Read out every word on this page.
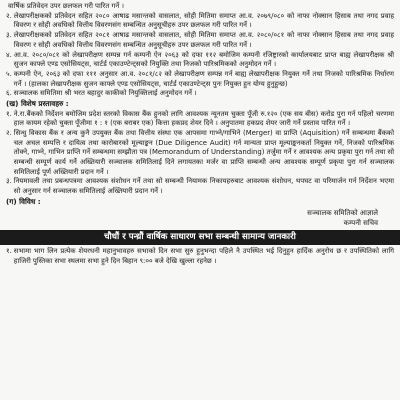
वार्षिक प्रतिवेदन उपर छलफल गरी पारित गर्ने ।
२. लेखापरीक्षकको प्रतिवेदन सहित २०८० आषाढ मसान्तको वासलात, सोही मितिमा समाप्त आ.व. २०७९/०८० को नाफा नोक्सान हिसाब तथा नगद प्रवाह विवरण र सोही अवधिको वित्तीय विवरणसंग सम्बन्धित अनुसूचीहरु उपर छलफल गरी पारित गर्ने ।
३. लेखापरीक्षकको प्रतिवेदन सहित २०८१ आषाढ मसान्तको वासलात, सोही मितिमा समाप्त आ.व. २०८०/०८१ को नाफा नोक्सान हिसाब तथा नगद प्रवाह विवरण र सोही अवधिको वित्तीय विवरणसंग सम्बन्धित अनुसूचीहरु उपर छलफल गरी पारित गर्ने ।
४. आ.व. २०८०/०८१ को लेखापरीक्षण सम्पन्न गर्न कम्पनी ऐन २०६३ को दफा ११२ बमोजिम कम्पनी रजिष्ट्रारको कार्यालयबाट प्राप्त बाह्य लेखापरीक्षक श्री सुजन काफ्ले एण्ड एसोसियट्स, चार्टर्ड एकाउण्टेन्ट्सको नियुक्ति तथा निजको पारिश्रमिकको अनुमोदन गर्ने ।
५. कम्पनी ऐन, २०६३ को दफा १११ अनुसार आ.व. २०८१/८२ को लेखापरीक्षण सम्पन्न गर्न बाह्य लेखापरीक्षक नियुक्त गर्ने तथा निजको पारिश्रमिक निर्धारण गर्ने । (हालका लेखापरीक्षक सुजन काफ्ले एण्ड एसोसियट्स, चार्टर्ड एकाउण्टेन्ट्स पुनः नियुक्त हुन योग्य हुनुहुन्छ)
६. सञ्चालक समितिमा श्री भरत बहादुर काकीको नियुक्तिलाई अनुमोदन गर्ने ।
(ख) विशेष प्रस्तावहरु :
१. ने.रा.बैंकको निर्देशन बमोजिम प्रदेश स्तरको विकास बैंक हुनको लागि आवश्यक न्यूनतम चुक्ता पूँजी रु.१२० (एक सय बीस) करोड पुरा गर्न पहिलो चरणमा हाल कायम रहेको चुक्ता पूँजीमा १ : १ (एक बराबर एक) कित्ता हकप्रद शेयर दिने । अनुपातमा हकप्रद शेयर जारी गर्ने प्रस्ताव पारित गर्ने ।
२. सिन्धु विकास बैंक र अन्य कुनै उपयुक्त बैंक तथा वित्तीय संस्था एक आपसमा गाभ्ने/गाभिने (Merger) वा प्राप्ति (Aquisition) गर्ने सम्बन्धमा बैंकको चल अचल सम्पत्ति र दायित्व तथा कारोबारको मूल्याङ्कन (Due Diligence Audit) गर्न मान्यता प्राप्त मूल्याङ्कनकर्ता नियुक्त गर्ने, निजको पारिश्रमिक तोक्ने, गाभ्ने, गाभिन प्राप्ति गर्ने सम्बन्धमा सम्झौता पत्र (Memorandum of Understanding) तर्जुमा गर्ने र आवश्यक अन्य प्रकृया पुरा गर्न तथा सो सम्बन्धी सम्पूर्ण कार्य गर्ने अख्तियारी सञ्चालक समितिलाई दिने लगायतका मर्जर वा प्राप्ति सम्बन्धी अन्य आवश्यक सम्पूर्ण प्रकृया पुरा गर्न सञ्चालक समितिलाई पूर्ण अख्तियारी प्रदान गर्ने ।
३. नियमावली तथा प्रबन्धपत्रमा आवश्यक संशोधन गर्ने तथा सो सम्बन्धी नियामक निकायहरुबाट आवश्यक संशोधन, थपघट वा परिमार्जन गर्न निर्देशन भएमा सो अनुसार गर्न सञ्चालक समितिलाई अख्तियारी प्रदान गर्ने ।
(ग) विविध :
सञ्चालक समितिको आज्ञाले
कम्पनी सचिव
चौधौं र पन्ध्रौं वार्षिक साधारण सभा सम्बन्धी सामान्य जानकारी
१. सभामा भाग लिन प्रत्येक शेयरधनी महानुभावहरु सभाको दिन सभा सुरु हुनुभन्दा पहिले नै उपस्थित भई दिनुहुन हार्दिक अनुरोध छ र उपस्थितिको लागि हाजिरी पुस्तिका सभा स्थलमा सभा हुने दिन बिहान ९:०० बजे देखि खुल्ला रहनेछ ।
